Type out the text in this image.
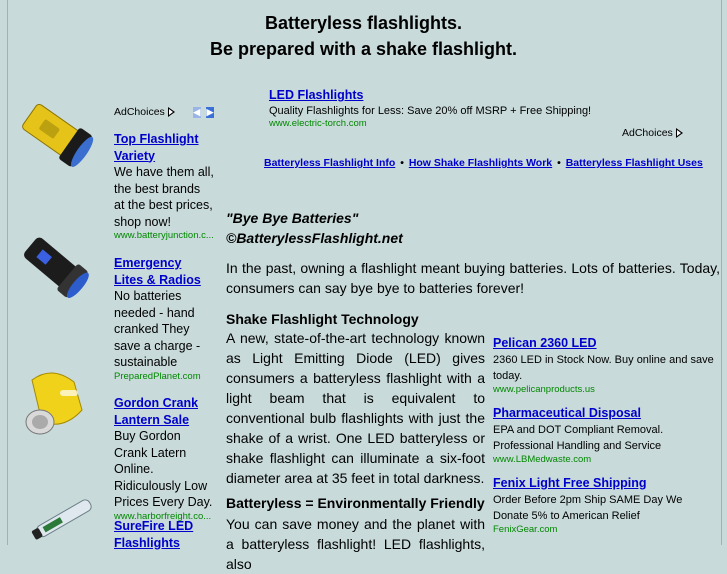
Batteryless flashlights.
Be prepared with a shake flashlight.
AdChoices	◀ ▶
Top Flashlight Variety
We have them all, the best brands at the best prices, shop now!
www.batteryjunction.c...
Emergency Lites & Radios
No batteries needed - hand cranked They save a charge - sustainable
PreparedPlanet.com
Gordon Crank Lantern Sale
Buy Gordon Crank Latern Online. Ridiculously Low Prices Every Day.
www.harborfreight.co...
SureFire LED Flashlights
LED Flashlights
Quality Flashlights for Less: Save 20% off MSRP + Free Shipping!
www.electric-torch.com
AdChoices
Batteryless Flashlight Info • How Shake Flashlights Work • Batteryless Flashlight Uses
"Bye Bye Batteries"
©BatterylessFlashlight.net
In the past, owning a flashlight meant buying batteries. Lots of batteries. Today, consumers can say bye bye to batteries forever!
Shake Flashlight Technology
A new, state-of-the-art technology known as Light Emitting Diode (LED) gives consumers a batteryless flashlight with a light beam that is equivalent to conventional bulb flashlights with just the shake of a wrist. One LED batteryless or shake flashlight can illuminate a six-foot diameter area at 35 feet in total darkness.
Batteryless = Environmentally Friendly
You can save money and the planet with a batteryless flashlight! LED flashlights, also
Pelican 2360 LED
2360 LED in Stock Now. Buy online and save today.
www.pelicanproducts.us
Pharmaceutical Disposal
EPA and DOT Compliant Removal. Professional Handling and Service
www.LBMedwaste.com
Fenix Light Free Shipping
Order Before 2pm Ship SAME Day We Donate 5% to American Relief
FenixGear.com
